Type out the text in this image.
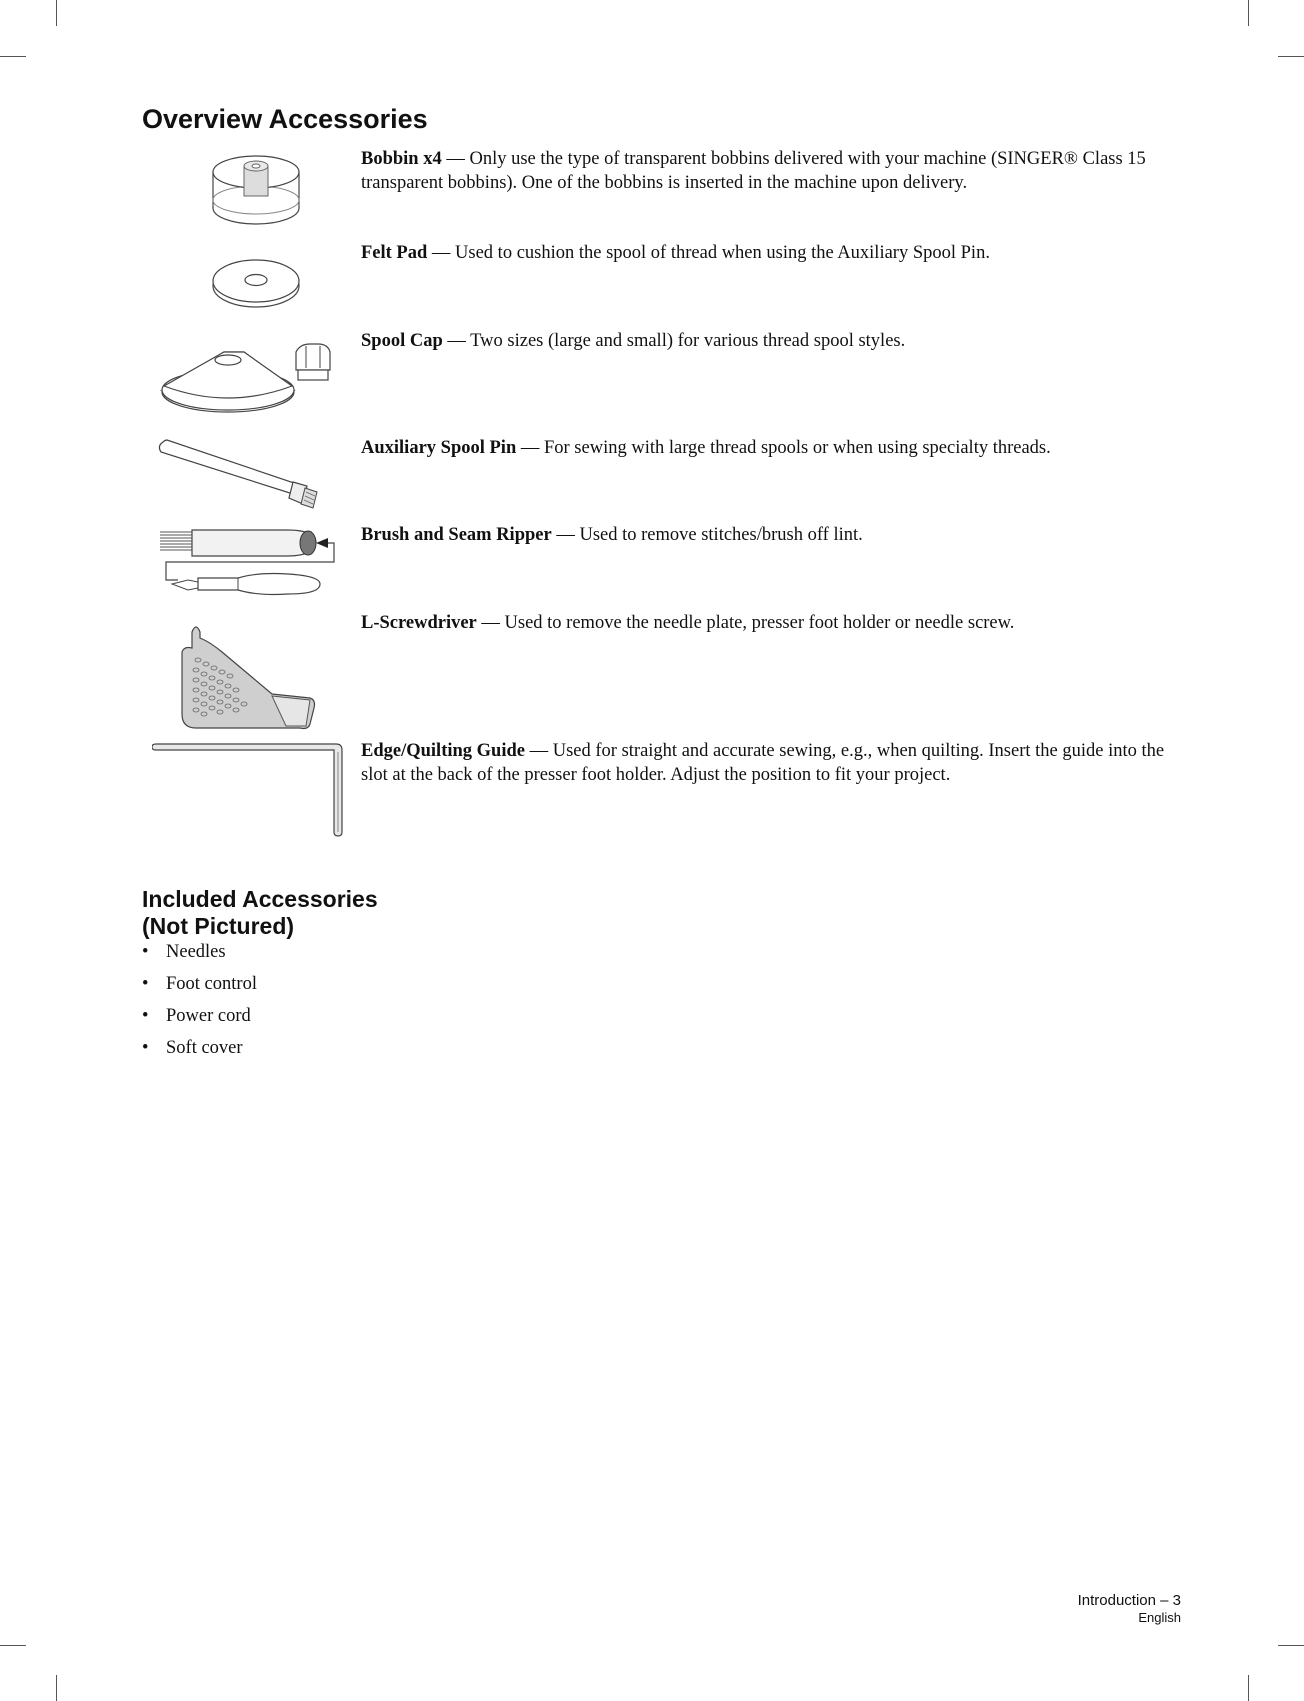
Overview Accessories
Bobbin x4 — Only use the type of transparent bobbins delivered with your machine (SINGER® Class 15 transparent bobbins). One of the bobbins is inserted in the machine upon delivery.
Felt Pad — Used to cushion the spool of thread when using the Auxiliary Spool Pin.
Spool Cap — Two sizes (large and small) for various thread spool styles.
Auxiliary Spool Pin — For sewing with large thread spools or when using specialty threads.
Brush and Seam Ripper — Used to remove stitches/brush off lint.
L-Screwdriver — Used to remove the needle plate, presser foot holder or needle screw.
Edge/Quilting Guide — Used for straight and accurate sewing, e.g., when quilting. Insert the guide into the slot at the back of the presser foot holder. Adjust the position to fit your project.
Included Accessories
(Not Pictured)
• Needles
• Foot control
• Power cord
• Soft cover
Introduction – 3
English
